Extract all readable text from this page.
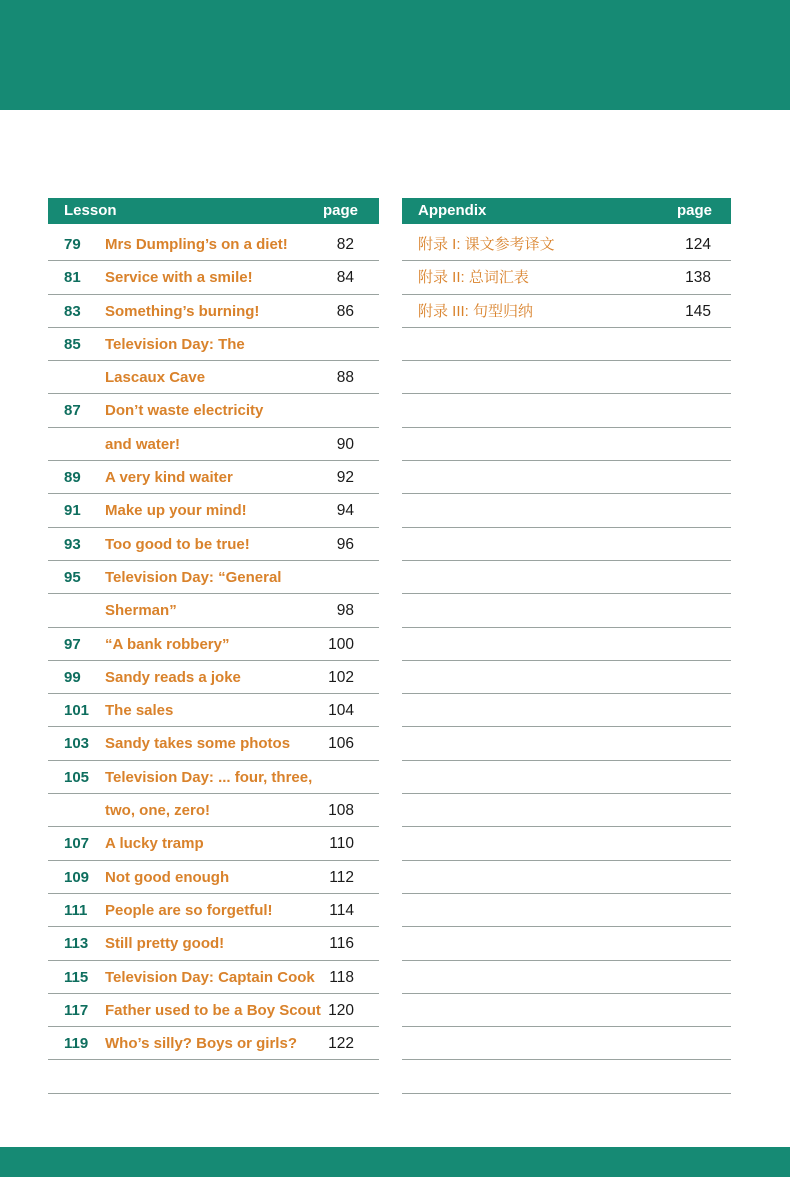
Lesson	page
79 Mrs Dumpling’s on a diet!	82
81 Service with a smile!	84
83 Something’s burning!	86
85 Television Day: The
Lascaux Cave	88
87 Don’t waste electricity
and water!	90
89 A very kind waiter	92
91 Make up your mind!	94
93 Too good to be true!	96
95 Television Day: “General
Sherman”	98
97 “A bank robbery”	100
99 Sandy reads a joke	102
101 The sales	104
103 Sandy takes some photos 106
105 Television Day: ... four, three,
two, one, zero!	108
107 A lucky tramp	110
109 Not good enough	112
111 People are so forgetful!	114
113 Still pretty good!	116
115 Television Day: Captain Cook 118
117 Father used to be a Boy Scout 120
119 Who’s silly? Boys or girls? 122
Appendix	page
附录 I: 课文参考译文	124
附录 II: 总词汇表	138
附录 III: 句型归纳	145
